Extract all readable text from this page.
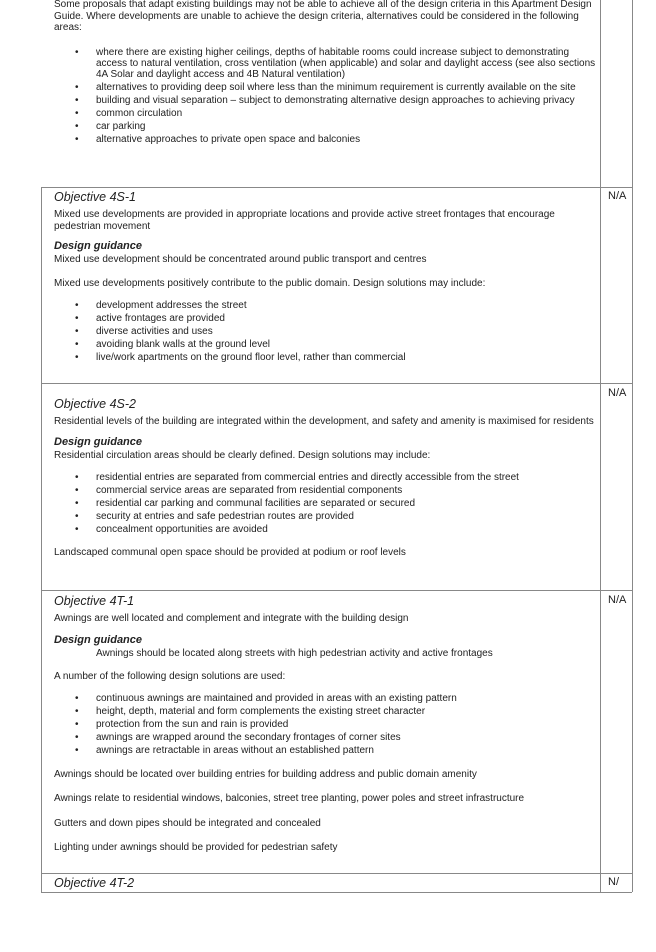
Some proposals that adapt existing buildings may not be able to achieve all of the design criteria in this Apartment Design Guide. Where developments are unable to achieve the design criteria, alternatives could be considered in the following areas:

• where there are existing higher ceilings, depths of habitable rooms could increase subject to demonstrating access to natural ventilation, cross ventilation (when applicable) and solar and daylight access (see also sections 4A Solar and daylight access and 4B Natural ventilation)
• alternatives to providing deep soil where less than the minimum requirement is currently available on the site
• building and visual separation – subject to demonstrating alternative design approaches to achieving privacy
• common circulation
• car parking
• alternative approaches to private open space and balconies

Objective 4S-1

Mixed use developments are provided in appropriate locations and provide active street frontages that encourage pedestrian movement

Design guidance

Mixed use development should be concentrated around public transport and centres

Mixed use developments positively contribute to the public domain. Design solutions may include:

• development addresses the street
• active frontages are provided
• diverse activities and uses
• avoiding blank walls at the ground level
• live/work apartments on the ground floor level, rather than commercial
N/A

Objective 4S-2

Residential levels of the building are integrated within the development, and safety and amenity is maximised for residents

Design guidance

Residential circulation areas should be clearly defined. Design solutions may include:

• residential entries are separated from commercial entries and directly accessible from the street
• commercial service areas are separated from residential components
• residential car parking and communal facilities are separated or secured
• security at entries and safe pedestrian routes are provided
• concealment opportunities are avoided

Landscaped communal open space should be provided at podium or roof levels

N/A

Objective 4T-1

Awnings are well located and complement and integrate with the building design

Design guidance

Awnings should be located along streets with high pedestrian activity and active frontages

A number of the following design solutions are used:

• continuous awnings are maintained and provided in areas with an existing pattern
• height, depth, material and form complements the existing street character
• protection from the sun and rain is provided
• awnings are wrapped around the secondary frontages of corner sites
• awnings are retractable in areas without an established pattern

Awnings should be located over building entries for building address and public domain amenity

Awnings relate to residential windows, balconies, street tree planting, power poles and street infrastructure

Gutters and down pipes should be integrated and concealed

Lighting under awnings should be provided for pedestrian safety

N/A

Objective 4T-2	N/
